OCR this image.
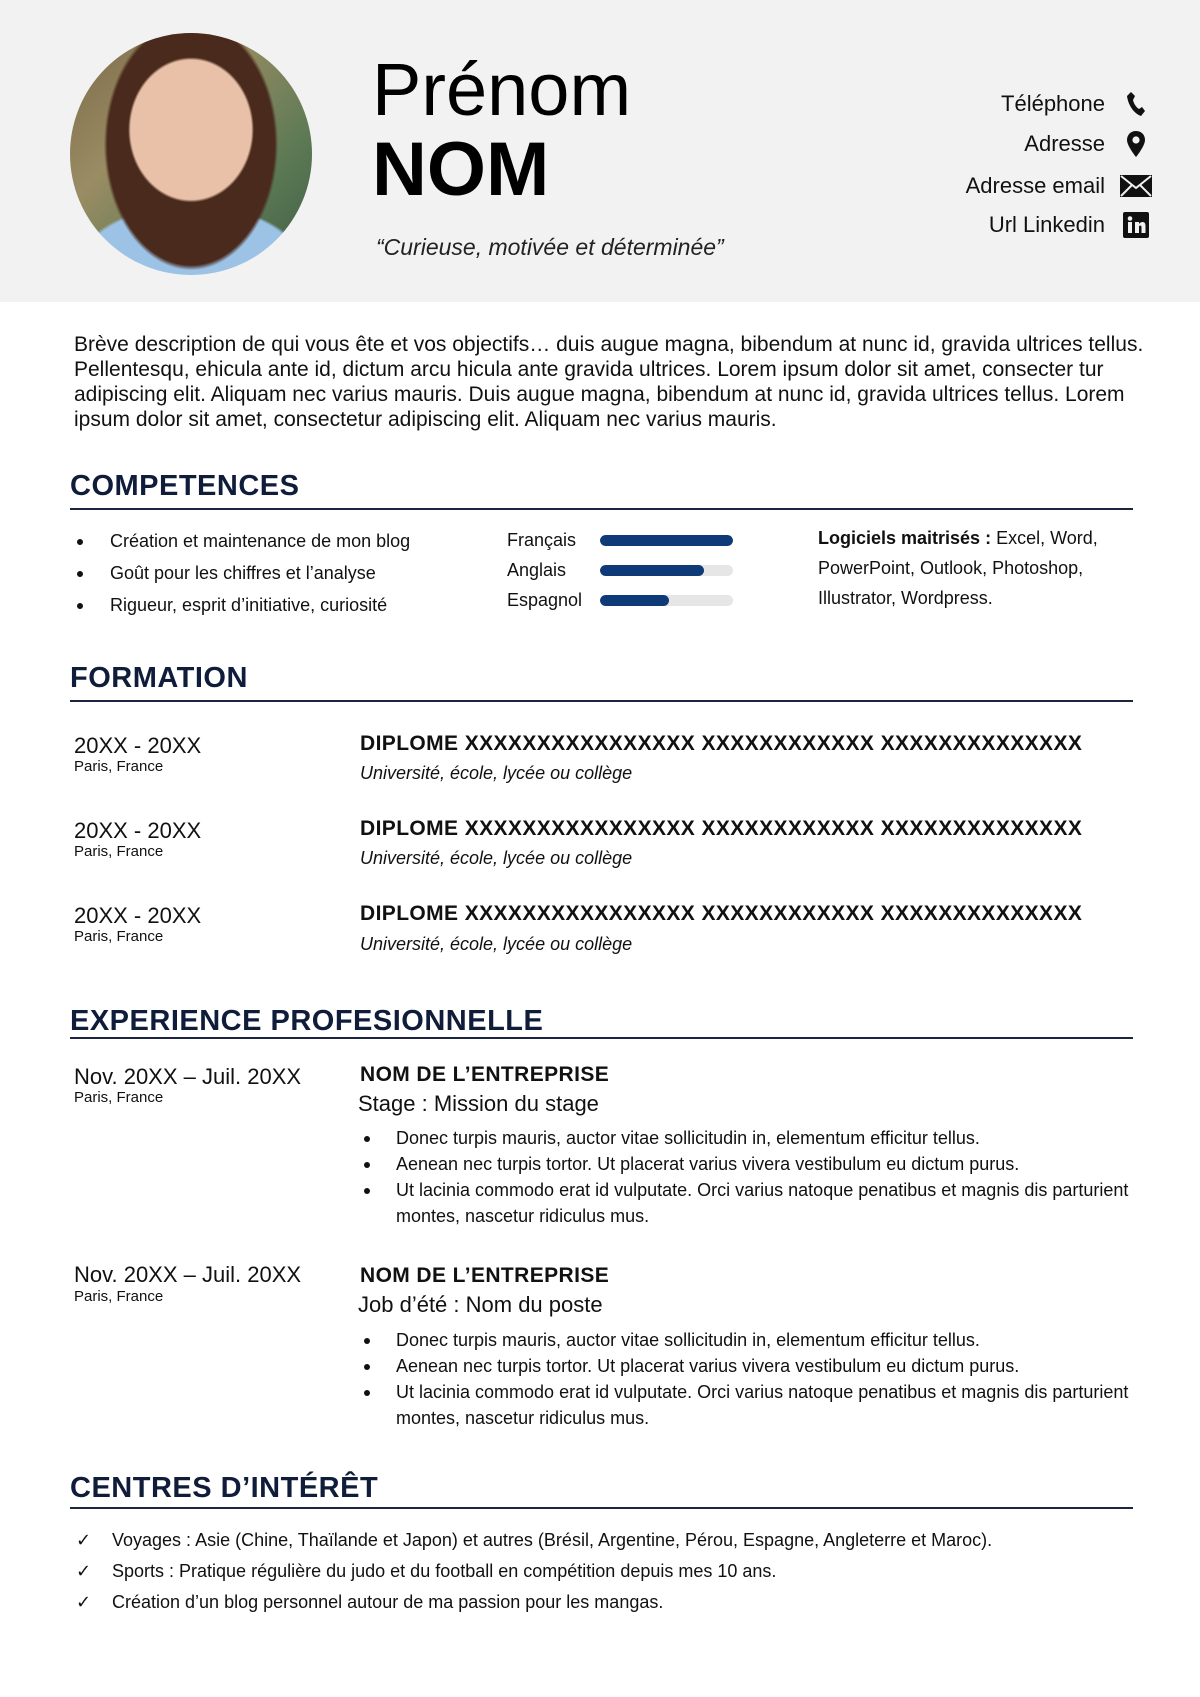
Prénom
NOM
“Curieuse, motivée et déterminée”
Téléphone
Adresse
Adresse email
Url Linkedin
Brève description de qui vous ête et vos objectifs… duis augue magna, bibendum at nunc id, gravida ultrices tellus. Pellentesqu, ehicula ante id, dictum arcu hicula ante gravida ultrices. Lorem ipsum dolor sit amet, consecter tur adipiscing elit. Aliquam nec varius mauris. Duis augue magna, bibendum at nunc id, gravida ultrices tellus. Lorem ipsum dolor sit amet, consectetur adipiscing elit. Aliquam nec varius mauris.
COMPETENCES
Création et maintenance de mon blog
Goût pour les chiffres et l’analyse
Rigueur, esprit d’initiative, curiosité
Français
Anglais
Espagnol
Logiciels maitrisés : Excel, Word, PowerPoint, Outlook, Photoshop, Illustrator, Wordpress.
FORMATION
20XX - 20XX
Paris, France
DIPLOME XXXXXXXXXXXXXXXX XXXXXXXXXXXX XXXXXXXXXXXXXX
Université, école, lycée ou collège
20XX - 20XX
Paris, France
DIPLOME XXXXXXXXXXXXXXXX XXXXXXXXXXXX XXXXXXXXXXXXXX
Université, école, lycée ou collège
20XX - 20XX
Paris, France
DIPLOME XXXXXXXXXXXXXXXX XXXXXXXXXXXX XXXXXXXXXXXXXX
Université, école, lycée ou collège
EXPERIENCE PROFESIONNELLE
Nov. 20XX – Juil. 20XX
Paris, France
NOM DE L’ENTREPRISE
Stage : Mission du stage
Donec turpis mauris, auctor vitae sollicitudin in, elementum efficitur tellus.
Aenean nec turpis tortor. Ut placerat varius vivera vestibulum eu dictum purus.
Ut lacinia commodo erat id vulputate. Orci varius natoque penatibus et magnis dis parturient montes, nascetur ridiculus mus.
Nov. 20XX – Juil. 20XX
Paris, France
NOM DE L’ENTREPRISE
Job d’été : Nom du poste
Donec turpis mauris, auctor vitae sollicitudin in, elementum efficitur tellus.
Aenean nec turpis tortor. Ut placerat varius vivera vestibulum eu dictum purus.
Ut lacinia commodo erat id vulputate. Orci varius natoque penatibus et magnis dis parturient montes, nascetur ridiculus mus.
CENTRES D’INTÉRÊT
✓	Voyages : Asie (Chine, Thaïlande et Japon) et autres (Brésil, Argentine, Pérou, Espagne, Angleterre et Maroc).
✓	Sports : Pratique régulière du judo et du football en compétition depuis mes 10 ans.
✓	Création d’un blog personnel autour de ma passion pour les mangas.
